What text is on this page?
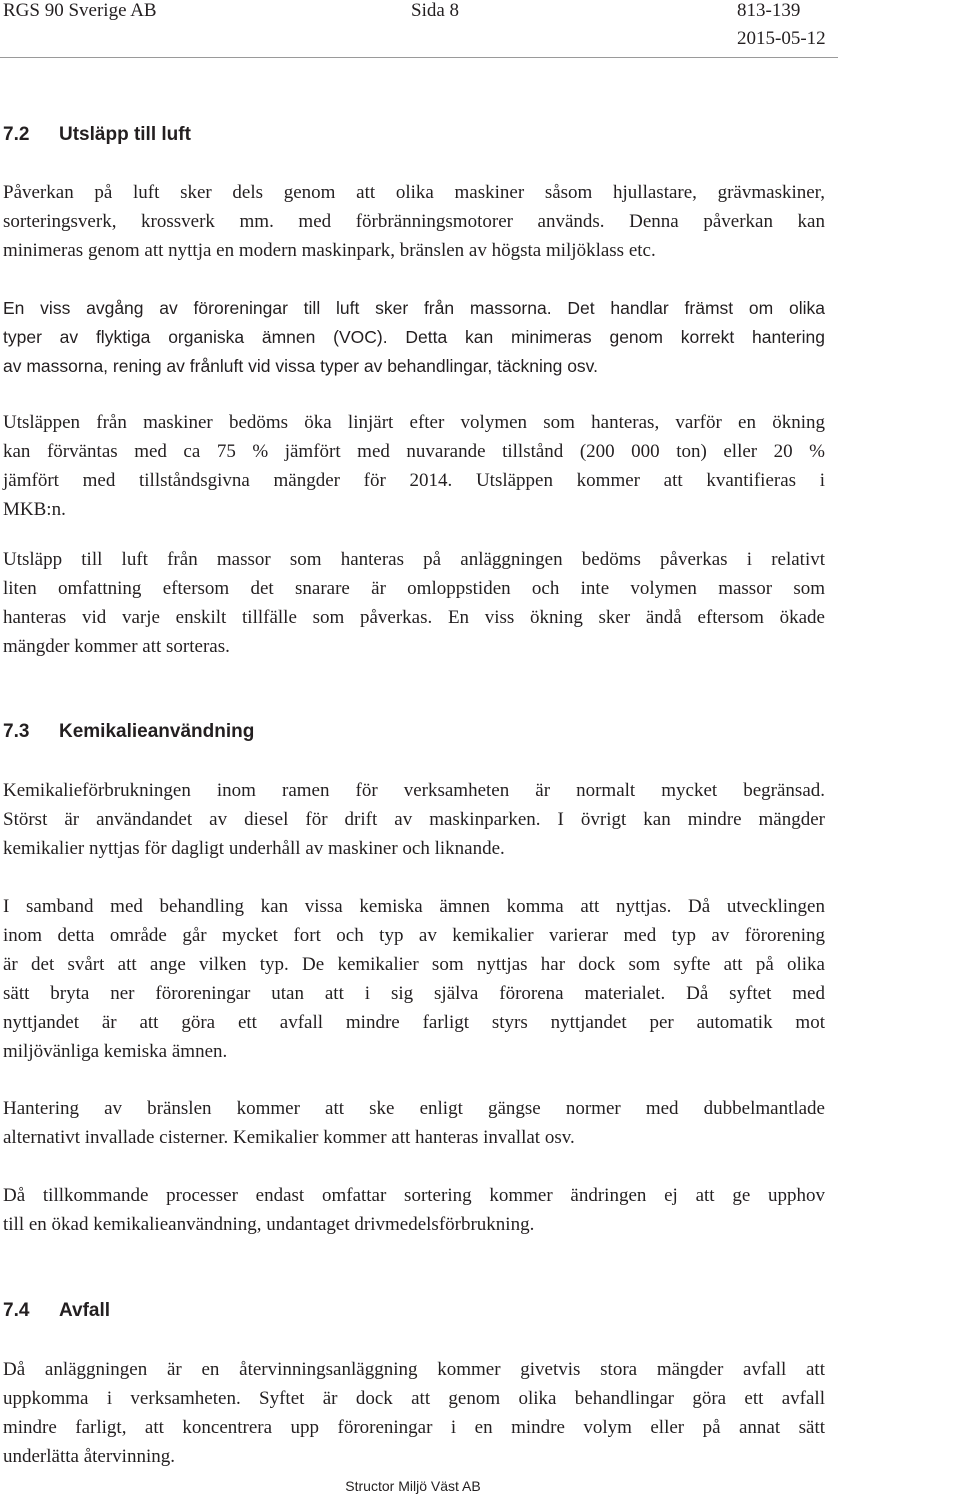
RGS 90 Sverige AB	Sida 8	813-139
2015-05-12
7.2 Utsläpp till luft
Påverkan på luft sker dels genom att olika maskiner såsom hjullastare, grävmaskiner,
sorteringsverk, krossverk mm. med förbränningsmotorer används. Denna påverkan kan
minimeras genom att nyttja en modern maskinpark, bränslen av högsta miljöklass etc.
En viss avgång av föroreningar till luft sker från massorna. Det handlar främst om olika
typer av flyktiga organiska ämnen (VOC). Detta kan minimeras genom korrekt hantering
av massorna, rening av frånluft vid vissa typer av behandlingar, täckning osv.
Utsläppen från maskiner bedöms öka linjärt efter volymen som hanteras, varför en ökning
kan förväntas med ca 75 % jämfört med nuvarande tillstånd (200 000 ton) eller 20 %
jämfört med tillståndsgivna mängder för 2014. Utsläppen kommer att kvantifieras i
MKB:n.
Utsläpp till luft från massor som hanteras på anläggningen bedöms påverkas i relativt
liten omfattning eftersom det snarare är omloppstiden och inte volymen massor som
hanteras vid varje enskilt tillfälle som påverkas. En viss ökning sker ändå eftersom ökade
mängder kommer att sorteras.
7.3 Kemikalieanvändning
Kemikalieförbrukningen inom ramen för verksamheten är normalt mycket begränsad.
Störst är användandet av diesel för drift av maskinparken. I övrigt kan mindre mängder
kemikalier nyttjas för dagligt underhåll av maskiner och liknande.
I samband med behandling kan vissa kemiska ämnen komma att nyttjas. Då utvecklingen
inom detta område går mycket fort och typ av kemikalier varierar med typ av förorening
är det svårt att ange vilken typ. De kemikalier som nyttjas har dock som syfte att på olika
sätt bryta ner föroreningar utan att i sig själva förorena materialet. Då syftet med
nyttjandet är att göra ett avfall mindre farligt styrs nyttjandet per automatik mot
miljövänliga kemiska ämnen.
Hantering av bränslen kommer att ske enligt gängse normer med dubbelmantlade
alternativt invallade cisterner. Kemikalier kommer att hanteras invallat osv.
Då tillkommande processer endast omfattar sortering kommer ändringen ej att ge upphov
till en ökad kemikalieanvändning, undantaget drivmedelsförbrukning.
7.4 Avfall
Då anläggningen är en återvinningsanläggning kommer givetvis stora mängder avfall att
uppkomma i verksamheten. Syftet är dock att genom olika behandlingar göra ett avfall
mindre farligt, att koncentrera upp föroreningar i en mindre volym eller på annat sätt
underlätta återvinning.
Structor Miljö Väst AB
